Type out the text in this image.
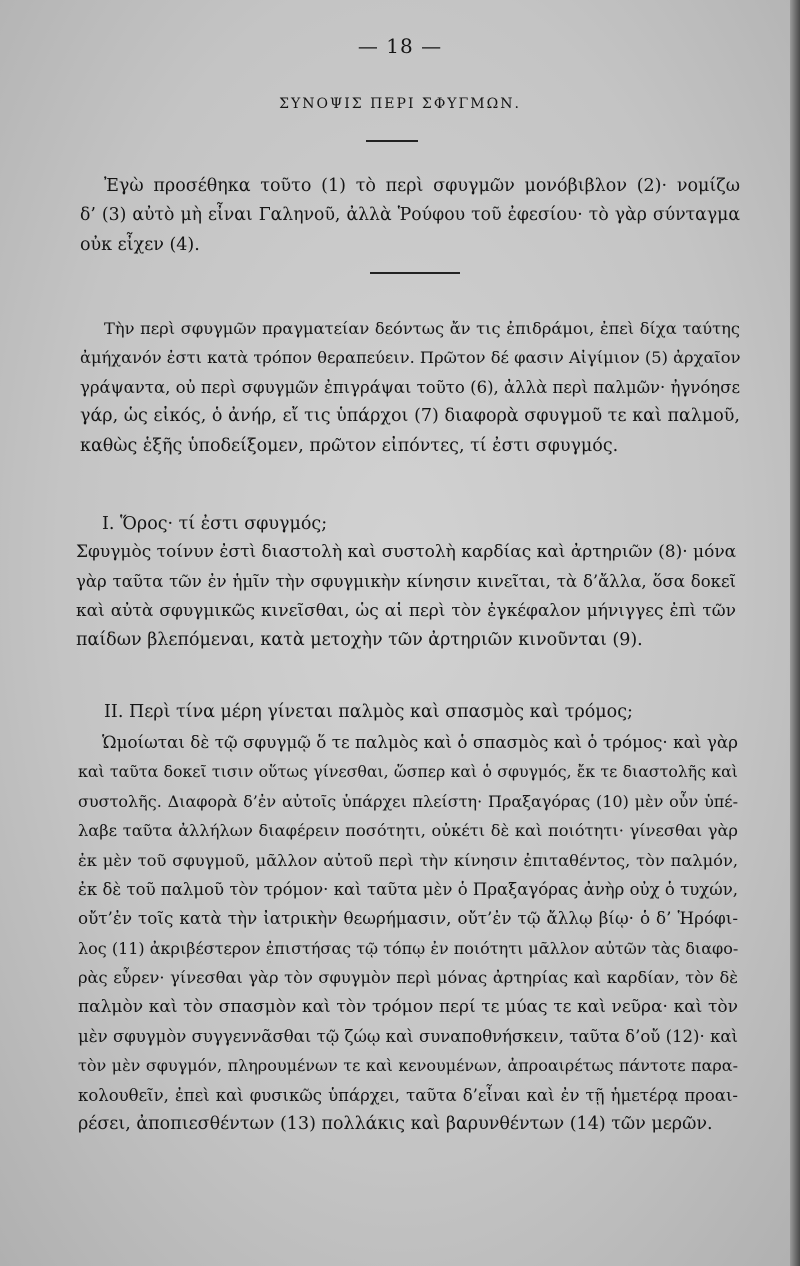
— 18 —
ΣΥΝΟΨΙΣ ΠΕΡΙ ΣΦΥΓΜΩΝ.

Ἐγὼ προσέθηκα τοῦτο (1) τὸ περὶ σφυγμῶν μονόβιβλον (2)· νομίζω
δ’ (3) αὐτὸ μὴ εἶναι Γαληνοῦ, ἀλλὰ Ῥούφου τοῦ ἐφεσίου· τὸ γὰρ σύνταγμα
οὐκ εἶχεν (4).

Τὴν περὶ σφυγμῶν πραγματείαν δεόντως ἄν τις ἐπιδράμοι, ἐπεὶ δίχα ταύτης
ἀμήχανόν ἐστι κατὰ τρόπον θεραπεύειν. Πρῶτον δέ φασιν Αἰγίμιον (5) ἀρχαῖον
γράψαντα, οὐ περὶ σφυγμῶν ἐπιγράψαι τοῦτο (6), ἀλλὰ περὶ παλμῶν· ἠγνόησε
γάρ, ὡς εἰκός, ὁ ἀνήρ, εἴ τις ὑπάρχοι (7) διαφορὰ σφυγμοῦ τε καὶ παλμοῦ,
καθὼς ἑξῆς ὑποδείξομεν, πρῶτον εἰπόντες, τί ἐστι σφυγμός.

I. Ὅρος· τί ἐστι σφυγμός;

Σφυγμὸς τοίνυν ἐστὶ διαστολὴ καὶ συστολὴ καρδίας καὶ ἀρτηριῶν (8)· μόνα
γὰρ ταῦτα τῶν ἐν ἡμῖν τὴν σφυγμικὴν κίνησιν κινεῖται, τὰ δ’ἄλλα, ὅσα δοκεῖ
καὶ αὐτὰ σφυγμικῶς κινεῖσθαι, ὡς αἱ περὶ τὸν ἐγκέφαλον μήνιγγες ἐπὶ τῶν
παίδων βλεπόμεναι, κατὰ μετοχὴν τῶν ἀρτηριῶν κινοῦνται (9).

II. Περὶ τίνα μέρη γίνεται παλμὸς καὶ σπασμὸς καὶ τρόμος;

Ὡμοίωται δὲ τῷ σφυγμῷ ὅ τε παλμὸς καὶ ὁ σπασμὸς καὶ ὁ τρόμος· καὶ γὰρ
καὶ ταῦτα δοκεῖ τισιν οὕτως γίνεσθαι, ὥσπερ καὶ ὁ σφυγμός, ἔκ τε διαστολῆς καὶ
συστολῆς. Διαφορὰ δ’ἐν αὐτοῖς ὑπάρχει πλείστη· Πραξαγόρας (10) μὲν οὖν ὑπέ-
λαβε ταῦτα ἀλλήλων διαφέρειν ποσότητι, οὐκέτι δὲ καὶ ποιότητι· γίνεσθαι γὰρ
ἐκ μὲν τοῦ σφυγμοῦ, μᾶλλον αὐτοῦ περὶ τὴν κίνησιν ἐπιταθέντος, τὸν παλμόν,
ἐκ δὲ τοῦ παλμοῦ τὸν τρόμον· καὶ ταῦτα μὲν ὁ Πραξαγόρας ἀνὴρ οὐχ ὁ τυχών,
οὔτ’ἐν τοῖς κατὰ τὴν ἰατρικὴν θεωρήμασιν, οὔτ’ἐν τῷ ἄλλῳ βίῳ· ὁ δ’ Ἡρόφι-
λος (11) ἀκριβέστερον ἐπιστήσας τῷ τόπῳ ἐν ποιότητι μᾶλλον αὐτῶν τὰς διαφο-
ρὰς εὗρεν· γίνεσθαι γὰρ τὸν σφυγμὸν περὶ μόνας ἀρτηρίας καὶ καρδίαν, τὸν δὲ
παλμὸν καὶ τὸν σπασμὸν καὶ τὸν τρόμον περί τε μύας τε καὶ νεῦρα· καὶ τὸν
μὲν σφυγμὸν συγγεννᾶσθαι τῷ ζώῳ καὶ συναποθνήσκειν, ταῦτα δ’οὔ (12)· καὶ
τὸν μὲν σφυγμόν, πληρουμένων τε καὶ κενουμένων, ἀπροαιρέτως πάντοτε παρα-
κολουθεῖν, ἐπεὶ καὶ φυσικῶς ὑπάρχει, ταῦτα δ’εἶναι καὶ ἐν τῇ ἡμετέρᾳ προαι-
ρέσει, ἀποπιεσθέντων (13) πολλάκις καὶ βαρυνθέντων (14) τῶν μερῶν.
